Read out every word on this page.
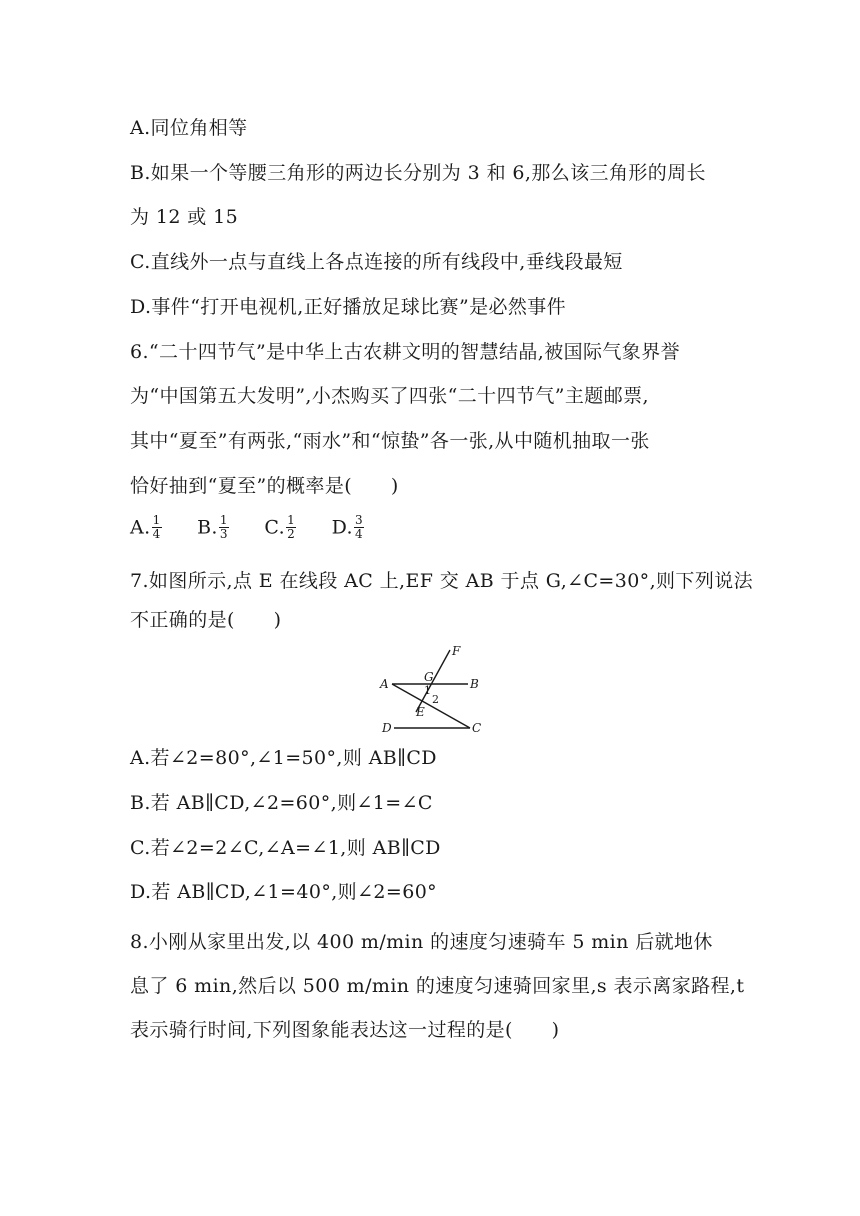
A.同位角相等
B.如果一个等腰三角形的两边长分别为 3 和 6,那么该三角形的周长
为 12 或 15
C.直线外一点与直线上各点连接的所有线段中,垂线段最短
D.事件“打开电视机,正好播放足球比赛”是必然事件
6.“二十四节气”是中华上古农耕文明的智慧结晶,被国际气象界誉
为“中国第五大发明”,小杰购买了四张“二十四节气”主题邮票,
其中“夏至”有两张,“雨水”和“惊蛰”各一张,从中随机抽取一张
恰好抽到“夏至”的概率是(　　)
A. $\frac{1}{4} B$. $\frac{1}{3} C$. $\frac{1}{2} D$. $\frac{3}{4}$
7.如图所示,点 E 在线段 AC 上,EF 交 AB 于点 G,∠C=30°,则下列说法
不正确的是(　　)
A	B
C
D
E
F
G
1
2
A.若∠2=80°,∠1=50°,则 AB∥CD
B.若 AB∥CD,∠2=60°,则∠1=∠C
C.若∠2=2∠C,∠A=∠1,则 AB∥CD
D.若 AB∥CD,∠1=40°,则∠2=60°
8.小刚从家里出发,以 400 m/min 的速度匀速骑车 5 min 后就地休
息了 6 min,然后以 500 m/min 的速度匀速骑回家里,s 表示离家路程,t
表示骑行时间,下列图象能表达这一过程的是(　　)
